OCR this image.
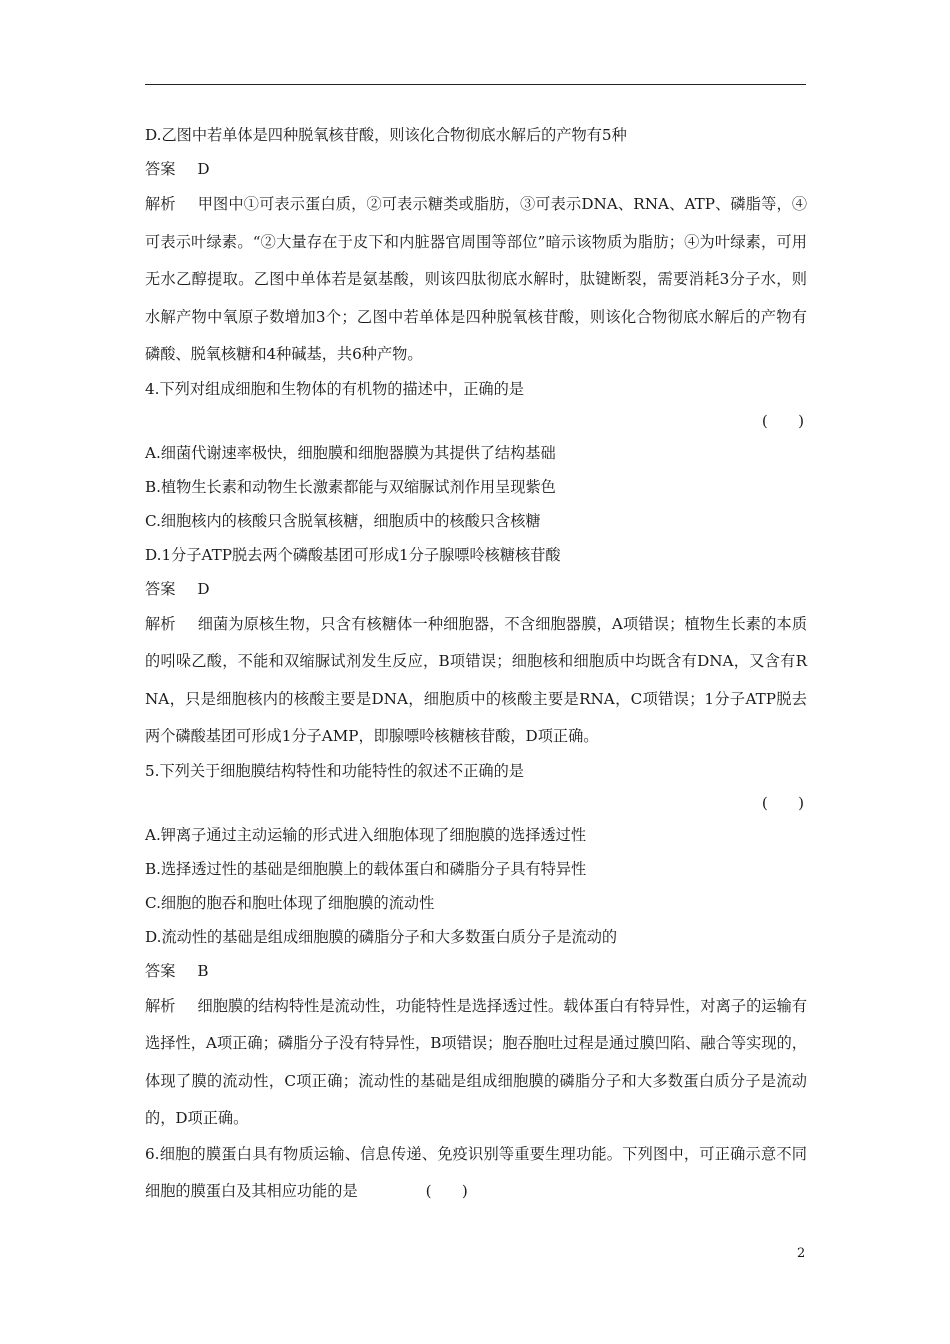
D.乙图中若单体是四种脱氧核苷酸，则该化合物彻底水解后的产物有5种
答案 D

解析 甲图中①可表示蛋白质，②可表示糖类或脂肪，③可表示DNA、RNA、ATP、磷脂等，④可表示叶绿素。“②大量存在于皮下和内脏器官周围等部位”暗示该物质为脂肪；④为叶绿素，可用无水乙醇提取。乙图中单体若是氨基酸，则该四肽彻底水解时，肽键断裂，需要消耗3分子水，则水解产物中氧原子数增加3个；乙图中若单体是四种脱氧核苷酸，则该化合物彻底水解后的产物有磷酸、脱氧核糖和4种碱基，共6种产物。

4.下列对组成细胞和生物体的有机物的描述中，正确的是
(　　)
A.细菌代谢速率极快，细胞膜和细胞器膜为其提供了结构基础
B.植物生长素和动物生长激素都能与双缩脲试剂作用呈现紫色
C.细胞核内的核酸只含脱氧核糖，细胞质中的核酸只含核糖
D.1分子ATP脱去两个磷酸基团可形成1分子腺嘌呤核糖核苷酸
答案 D

解析 细菌为原核生物，只含有核糖体一种细胞器，不含细胞器膜，A项错误；植物生长素的本质的吲哚乙酸，不能和双缩脲试剂发生反应，B项错误；细胞核和细胞质中均既含有DNA，又含有RNA，只是细胞核内的核酸主要是DNA，细胞质中的核酸主要是RNA，C项错误；1分子ATP脱去两个磷酸基团可形成1分子AMP，即腺嘌呤核糖核苷酸，D项正确。

5.下列关于细胞膜结构特性和功能特性的叙述不正确的是
(　　)
A.钾离子通过主动运输的形式进入细胞体现了细胞膜的选择透过性
B.选择透过性的基础是细胞膜上的载体蛋白和磷脂分子具有特异性
C.细胞的胞吞和胞吐体现了细胞膜的流动性
D.流动性的基础是组成细胞膜的磷脂分子和大多数蛋白质分子是流动的
答案 B

解析 细胞膜的结构特性是流动性，功能特性是选择透过性。载体蛋白有特异性，对离子的运输有选择性，A项正确；磷脂分子没有特异性，B项错误；胞吞胞吐过程是通过膜凹陷、融合等实现的，体现了膜的流动性，C项正确；流动性的基础是组成细胞膜的磷脂分子和大多数蛋白质分子是流动的，D项正确。

6.细胞的膜蛋白具有物质运输、信息传递、免疫识别等重要生理功能。下列图中，可正确示意不同细胞的膜蛋白及其相应功能的是	(　　)

2
